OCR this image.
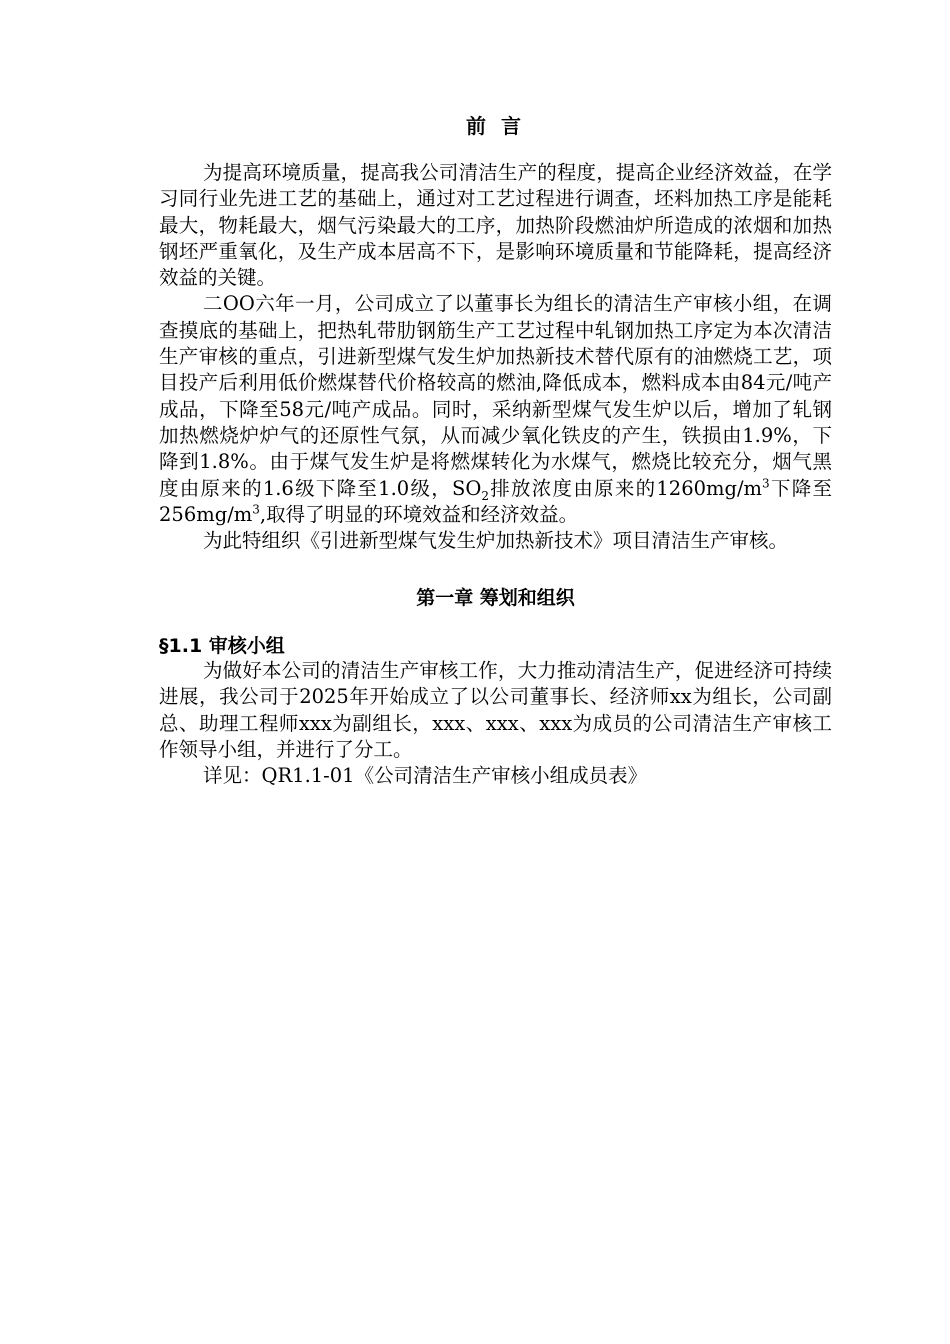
前 言

为提高环境质量，提高我公司清洁生产的程度，提高企业经济效益，在学习同行业先进工艺的基础上，通过对工艺过程进行调查，坯料加热工序是能耗最大，物耗最大，烟气污染最大的工序，加热阶段燃油炉所造成的浓烟和加热钢坯严重氧化，及生产成本居高不下，是影响环境质量和节能降耗，提高经济效益的关键。

二OO六年一月，公司成立了以董事长为组长的清洁生产审核小组，在调查摸底的基础上，把热轧带肋钢筋生产工艺过程中轧钢加热工序定为本次清洁生产审核的重点，引进新型煤气发生炉加热新技术替代原有的油燃烧工艺，项目投产后利用低价燃煤替代价格较高的燃油,降低成本，燃料成本由84元/吨产成品，下降至58元/吨产成品。同时，采纳新型煤气发生炉以后，增加了轧钢加热燃烧炉炉气的还原性气氛，从而减少氧化铁皮的产生，铁损由1.9%，下降到1.8%。由于煤气发生炉是将燃煤转化为水煤气，燃烧比较充分，烟气黑度由原来的1.6级下降至1.0级，$SO_2$排放浓度由原来的$1260mg/m^3$下降至$256mg/m^3$,取得了明显的环境效益和经济效益。

为此特组织《引进新型煤气发生炉加热新技术》项目清洁生产审核。

第一章 筹划和组织
§1.1 审核小组

为做好本公司的清洁生产审核工作，大力推动清洁生产，促进经济可持续进展，我公司于2025年开始成立了以公司董事长、经济师xx为组长，公司副总、助理工程师xxx为副组长，xxx、xxx、xxx为成员的公司清洁生产审核工作领导小组，并进行了分工。

详见：QR1.1-01《公司清洁生产审核小组成员表》
